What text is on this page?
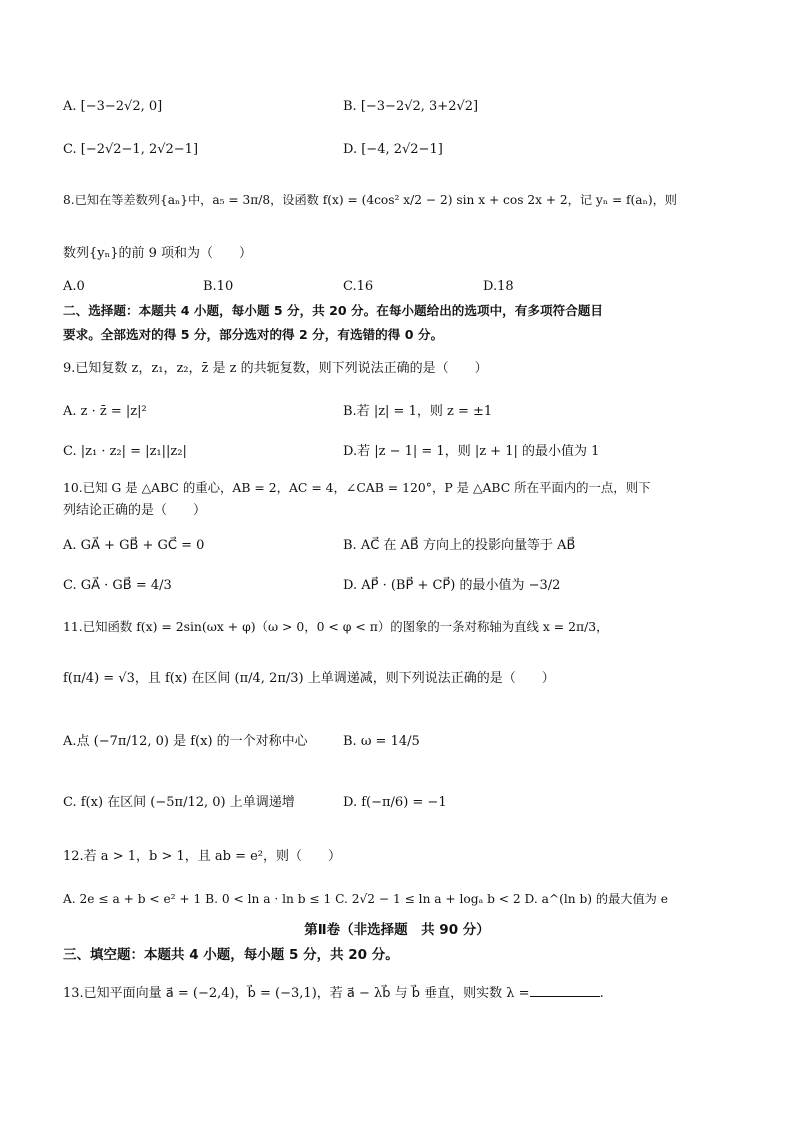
A. [−3−2√2, 0]	B. [−3−2√2, 3+2√2]
C. [−2√2−1, 2√2−1]	D. [−4, 2√2−1]
8.已知在等差数列{aₙ}中，a₅ = 3π/8，设函数 f(x) = (4cos² x/2 − 2) sin x + cos 2x + 2，记 yₙ = f(aₙ)，则
数列{yₙ}的前 9 项和为（　　）
A.0	B.10	C.16	D.18
二、选择题：本题共 4 小题，每小题 5 分，共 20 分。在每小题给出的选项中，有多项符合题目
要求。全部选对的得 5 分，部分选对的得 2 分，有选错的得 0 分。
9.已知复数 z，z₁，z₂，z̄ 是 z 的共轭复数，则下列说法正确的是（　　）
A. z · z̄ = |z|²	B.若 |z| = 1，则 z = ±1
C. |z₁ · z₂| = |z₁||z₂|	D.若 |z − 1| = 1，则 |z + 1| 的最小值为 1
10.已知 G 是 △ABC 的重心，AB = 2，AC = 4，∠CAB = 120°，P 是 △ABC 所在平面内的一点，则下
列结论正确的是（　　）
A. GA⃗ + GB⃗ + GC⃗ = 0	B. AC⃗ 在 AB⃗ 方向上的投影向量等于 AB⃗
C. GA⃗ · GB⃗ = 4/3	D. AP⃗ · (BP⃗ + CP⃗) 的最小值为 −3/2
11.已知函数 f(x) = 2sin(ωx + φ)（ω > 0，0 < φ < π）的图象的一条对称轴为直线 x = 2π/3，
f(π/4) = √3，且 f(x) 在区间 (π/4, 2π/3) 上单调递减，则下列说法正确的是（　　）
A.点 (−7π/12, 0) 是 f(x) 的一个对称中心	B. ω = 14/5
C. f(x) 在区间 (−5π/12, 0) 上单调递增	D. f(−π/6) = −1
12.若 a > 1，b > 1，且 ab = e²，则（　　）
A. 2e ≤ a + b < e² + 1 B. 0 < ln a · ln b ≤ 1 C. 2√2 − 1 ≤ ln a + logₐ b < 2 D. a^(ln b) 的最大值为 e
第Ⅱ卷（非选择题　共 90 分）
三、填空题：本题共 4 小题，每小题 5 分，共 20 分。
13.已知平面向量 a⃗ = (−2,4)，b⃗ = (−3,1)，若 a⃗ − λb⃗ 与 b⃗ 垂直，则实数 λ =	.
